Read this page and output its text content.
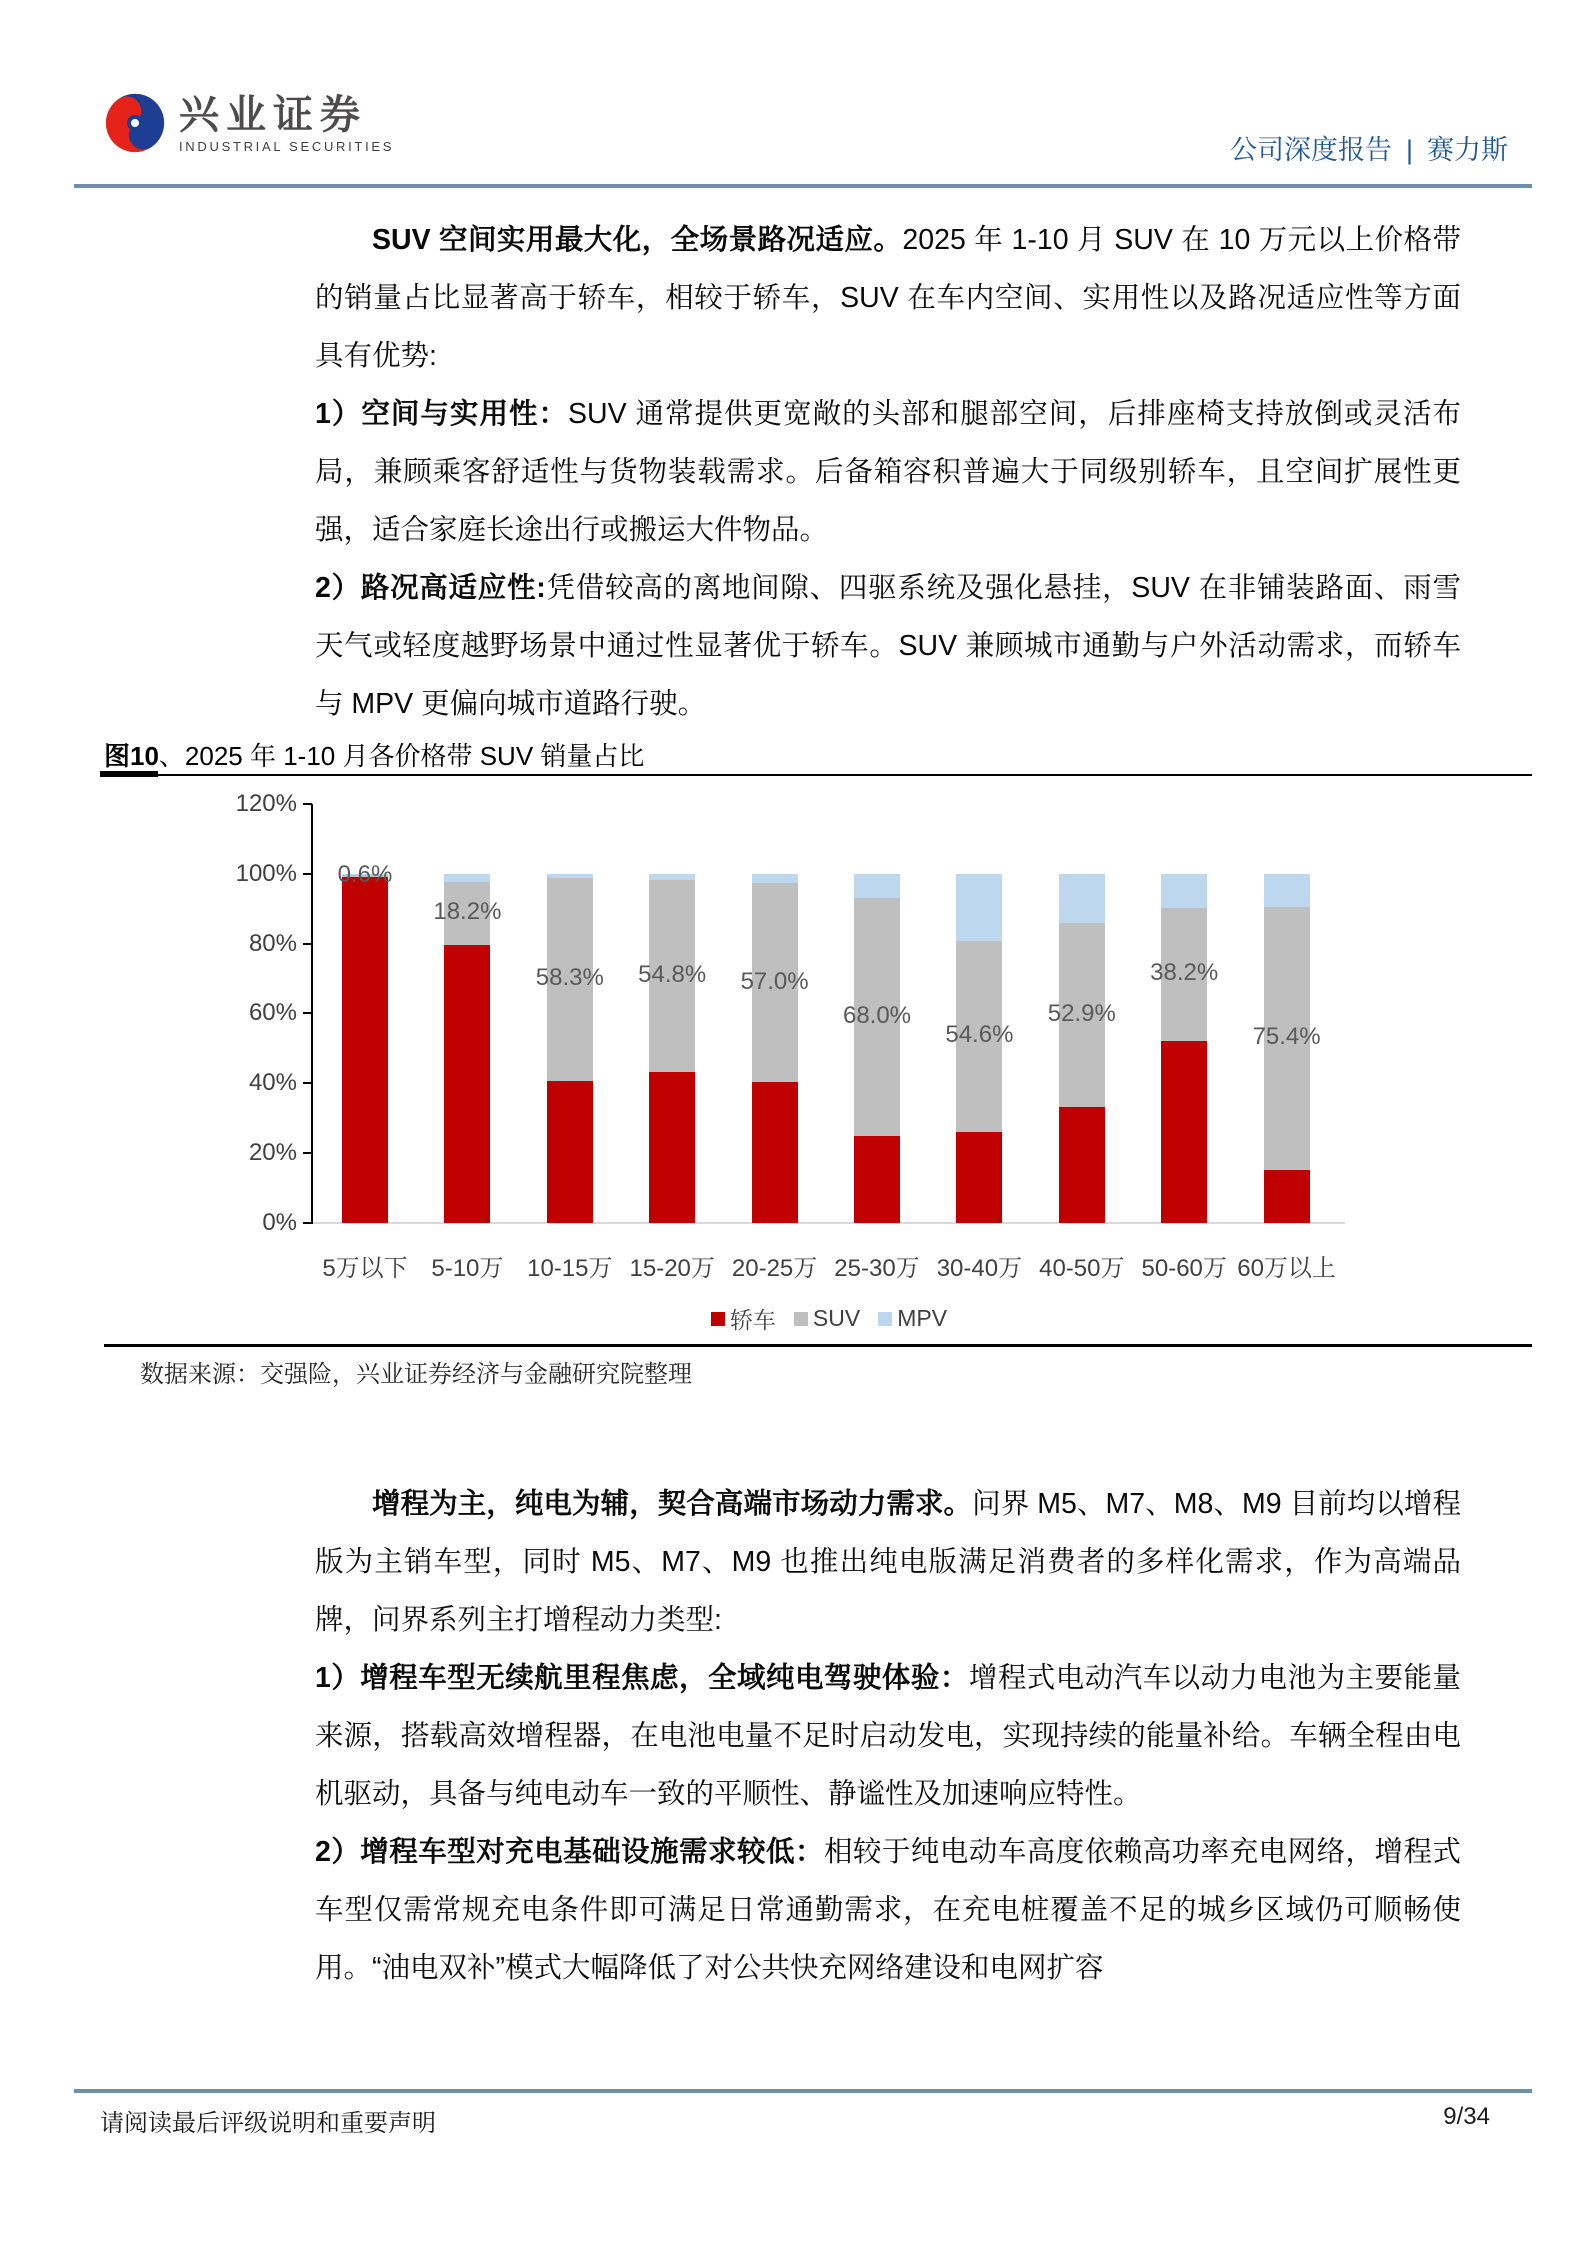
兴业证券
INDUSTRIAL SECURITIES	公司深度报告 | 赛力斯

SUV 空间实用最大化，全场景路况适应。2025 年 1-10 月 SUV 在 10 万元以上价格带的销量占比显著高于轿车，相较于轿车，SUV 在车内空间、实用性以及路况适应性等方面具有优势:

1）空间与实用性：SUV 通常提供更宽敞的头部和腿部空间，后排座椅支持放倒或灵活布局，兼顾乘客舒适性与货物装载需求。后备箱容积普遍大于同级别轿车，且空间扩展性更强，适合家庭长途出行或搬运大件物品。

2）路况高适应性:凭借较高的离地间隙、四驱系统及强化悬挂，SUV 在非铺装路面、雨雪天气或轻度越野场景中通过性显著优于轿车。SUV 兼顾城市通勤与户外活动需求，而轿车与 MPV 更偏向城市道路行驶。

图10、2025 年 1-10 月各价格带 SUV 销量占比
0%
20%
40%
60%
80%
100%
120%
5万以下
0.6%
5-10万
18.2%
10-15万
58.3%
15-20万
54.8%
20-25万
57.0%
25-30万
68.0%
30-40万
54.6%
40-50万
52.9%
50-60万
38.2%
60万以上
75.4%
轿车 SUV MPV
数据来源：交强险，兴业证券经济与金融研究院整理

增程为主，纯电为辅，契合高端市场动力需求。问界 M5、M7、M8、M9 目前均以增程版为主销车型，同时 M5、M7、M9 也推出纯电版满足消费者的多样化需求，作为高端品牌，问界系列主打增程动力类型:

1）增程车型无续航里程焦虑，全域纯电驾驶体验：增程式电动汽车以动力电池为主要能量来源，搭载高效增程器，在电池电量不足时启动发电，实现持续的能量补给。车辆全程由电机驱动，具备与纯电动车一致的平顺性、静谧性及加速响应特性。

2）增程车型对充电基础设施需求较低：相较于纯电动车高度依赖高功率充电网络，增程式车型仅需常规充电条件即可满足日常通勤需求，在充电桩覆盖不足的城乡区域仍可顺畅使用。“油电双补”模式大幅降低了对公共快充网络建设和电网扩容

请阅读最后评级说明和重要声明	9/34
